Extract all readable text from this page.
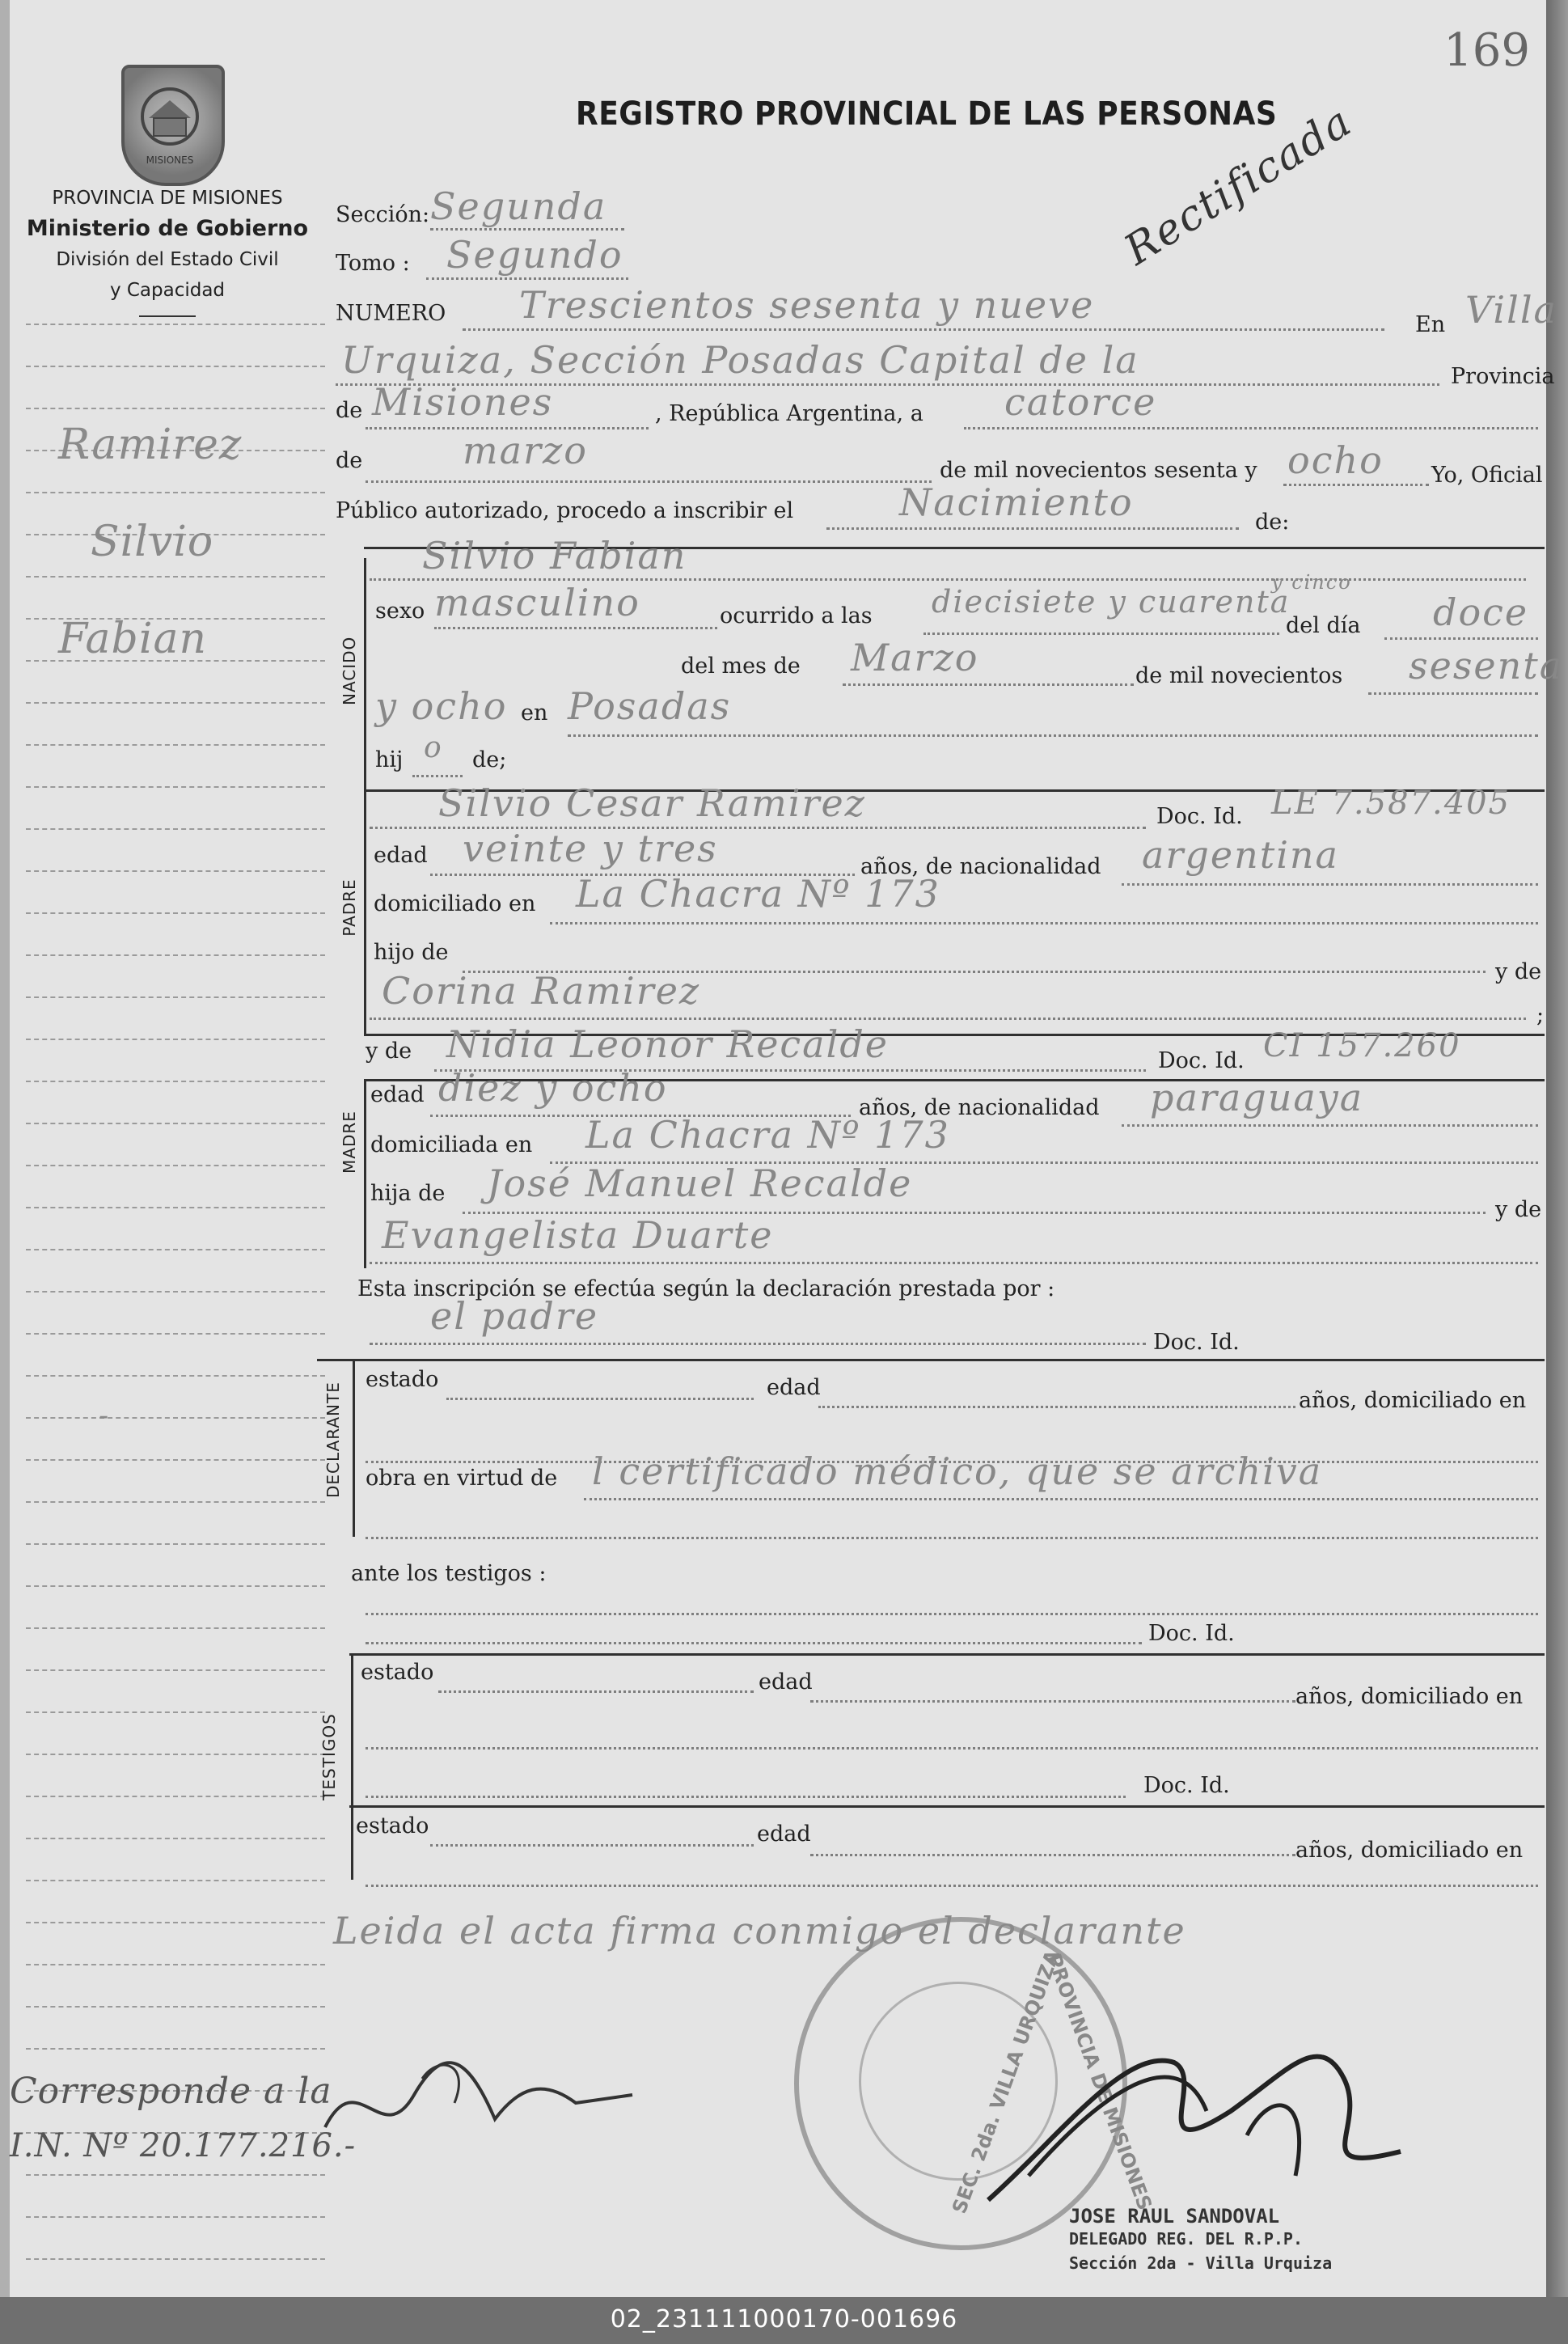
MISIONES
PROVINCIA DE MISIONES
Ministerio de Gobierno
División del Estado Civil
y Capacidad
Ramirez
Silvio
Fabian
-
Corresponde a la
I.N. Nº 20.177.216.-
169
REGISTRO PROVINCIAL DE LAS PERSONAS
Rectificada
Sección: Segunda
Tomo : Segundo
NUMERO Trescientos sesenta y nueve	En Villa
Urquiza, Sección Posadas Capital de la	Provincia
de Misiones	, República Argentina, a catorce
de	marzo	de mil novecientos sesenta y ocho Yo, Oficial
Público autorizado, procedo a inscribir el	Nacimiento	de:
NACIDO
Silvio Fabian
sexo masculino	ocurrido a las diecisiete y cuarenta
y cinco
del día doce
del mes de Marzo	de mil novecientos sesenta
y ocho en Posadas
hij o de;
PADRE
Silvio Cesar Ramirez	Doc. Id. LE 7.587.405
edad veinte y tres	años, de nacionalidad argentina
domiciliado en La Chacra Nº 173
hijo de
y de
Corina Ramirez
;
y de Nidia Leonor Recalde	Doc. Id. CI 157.260
MADRE
edad diez y ocho	años, de nacionalidad paraguaya
domiciliada en La Chacra Nº 173
hija de José Manuel Recalde
y de
Evangelista Duarte
Esta inscripción se efectúa según la declaración prestada por :
el padre
Doc. Id.
DECLARANTE
estado	edad
años, domiciliado en
obra en virtud de l certificado médico, que se archiva
ante los testigos :
Doc. Id.
TESTIGOS
estado	edad
años, domiciliado en
Doc. Id.
estado	edad
años, domiciliado en
Leida el acta firma conmigo el declarante
SEC. 2da. VILLA URQUIZA
PROVINCIA DE MISIONES
JOSE RAUL SANDOVAL
DELEGADO REG. DEL R.P.P.
Sección 2da - Villa Urquiza
02_231111000170-001696
